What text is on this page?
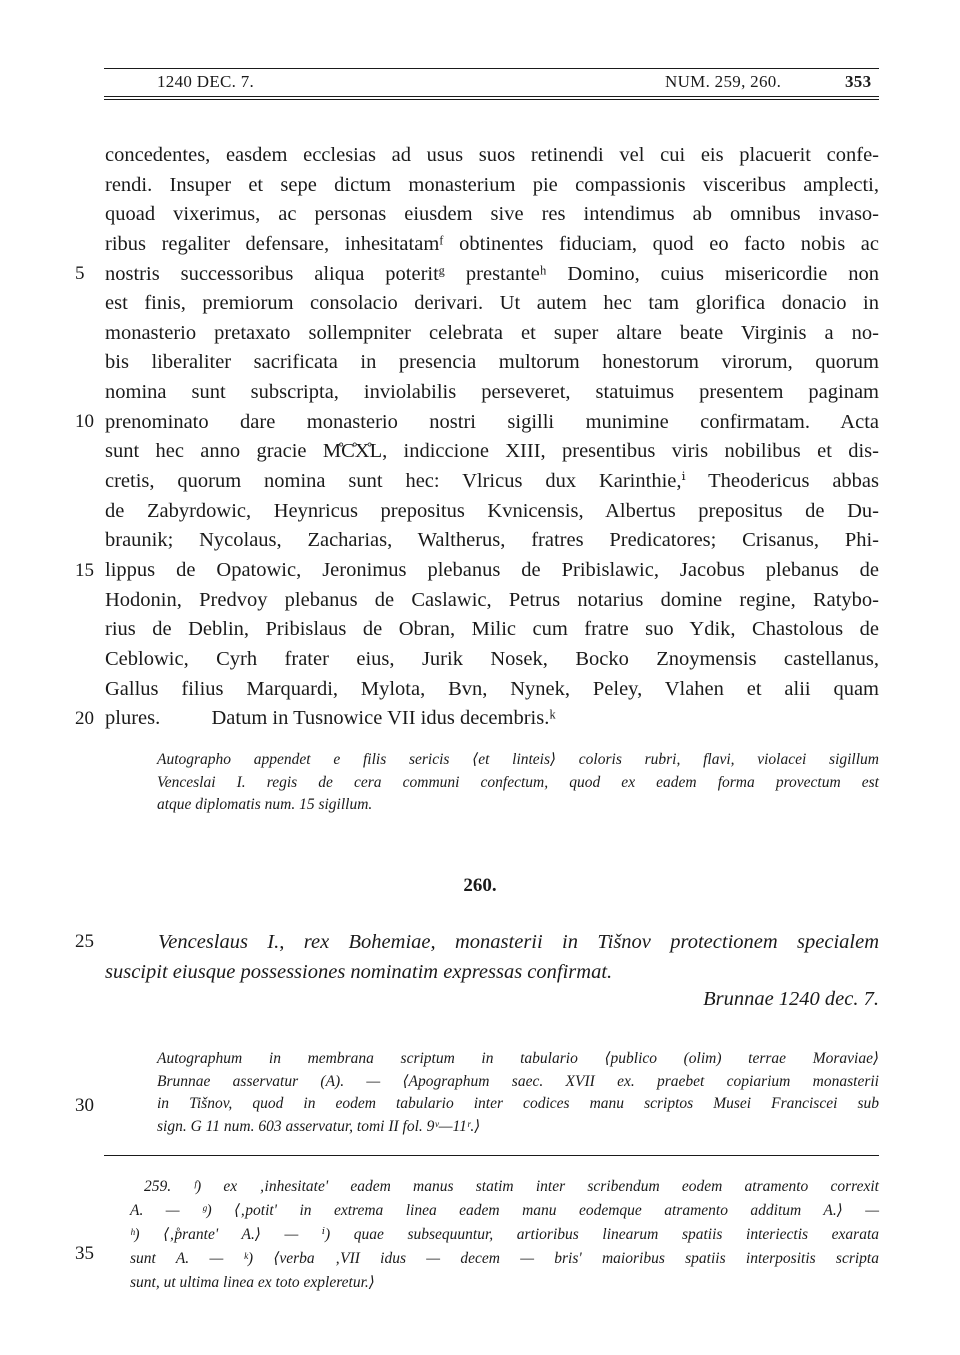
1240 DEC. 7.	NUM. 259, 260.	353
concedentes, easdem ecclesias ad usus suos retinendi vel cui eis placuerit confe-
rendi. Insuper et sepe dictum monasterium pie compassionis visceribus amplecti,
quoad vixerimus, ac personas eiusdem sive res intendimus ab omnibus invaso-
ribus regaliter defensare, inhesitatamᶠ obtinentes fiduciam, quod eo facto nobis ac
nostris successoribus aliqua poteritᵍ prestanteʰ Domino, cuius misericordie non
est finis, premiorum consolacio derivari. Ut autem hec tam glorifica donacio in
monasterio pretaxato sollempniter celebrata et super altare beate Virginis a no-
bis liberaliter sacrificata in presencia multorum honestorum virorum, quorum
nomina sunt subscripta, inviolabilis perseveret, statuimus presentem paginam
prenominato dare monasterio nostri sigilli munimine confirmatam. Acta
sunt hec anno gracie M̊C̊X̊L, indiccione XIII, presentibus viris nobilibus et dis-
cretis, quorum nomina sunt hec: Vlricus dux Karinthie,ⁱ Theodericus abbas
de Zabyrdowic, Heynricus prepositus Kvnicensis, Albertus prepositus de Du-
braunik; Nycolaus, Zacharias, Waltherus, fratres Predicatores; Crisanus, Phi-
lippus de Opatowic, Jeronimus plebanus de Pribislawic, Jacobus plebanus de
Hodonin, Predvoy plebanus de Caslawic, Petrus notarius domine regine, Ratybo-
rius de Deblin, Pribislaus de Obran, Milic cum fratre suo Ydik, Chastolous de
Ceblowic, Cyrh frater eius, Jurik Nosek, Bocko Znoymensis castellanus,
Gallus filius Marquardi, Mylota, Bvn, Nynek, Peley, Vlahen et alii quam
plures.          Datum in Tusnowice VII idus decembris.ᵏ
5
10
15
20
25
30
35
Autographo appendet e filis sericis ⟨et linteis⟩ coloris rubri, flavi, violacei sigillum
Venceslai I. regis de cera communi confectum, quod ex eadem forma provectum est
atque diplomatis num. 15 sigillum.
260.
Venceslaus I., rex Bohemiae, monasterii in Tišnov protectionem specialem
suscipit eiusque possessiones nominatim expressas confirmat.
Brunnae 1240 dec. 7.
Autographum in membrana scriptum in tabulario ⟨publico (olim) terrae Moraviae⟩
Brunnae asservatur (A). — ⟨Apographum saec. XVII ex. praebet copiarium monasterii
in Tišnov, quod in eodem tabulario inter codices manu scriptos Musei Franciscei sub
sign. G 11 num. 603 asservatur, tomi II fol. 9ᵛ—11ʳ.⟩
259. ᶠ) ex ‚inhesitate' eadem manus statim inter scribendum eodem atramento correxit
A. — ᵍ) ⟨‚potit' in extrema linea eadem manu eodemque atramento additum A.⟩ —
ʰ) ⟨‚p̊rante' A.⟩ — ⁱ) quae subsequuntur, artioribus linearum spatiis interiectis exarata
sunt A. — ᵏ) ⟨verba ‚VII idus — decem — bris' maioribus spatiis interpositis scripta
sunt, ut ultima linea ex toto expleretur.⟩
